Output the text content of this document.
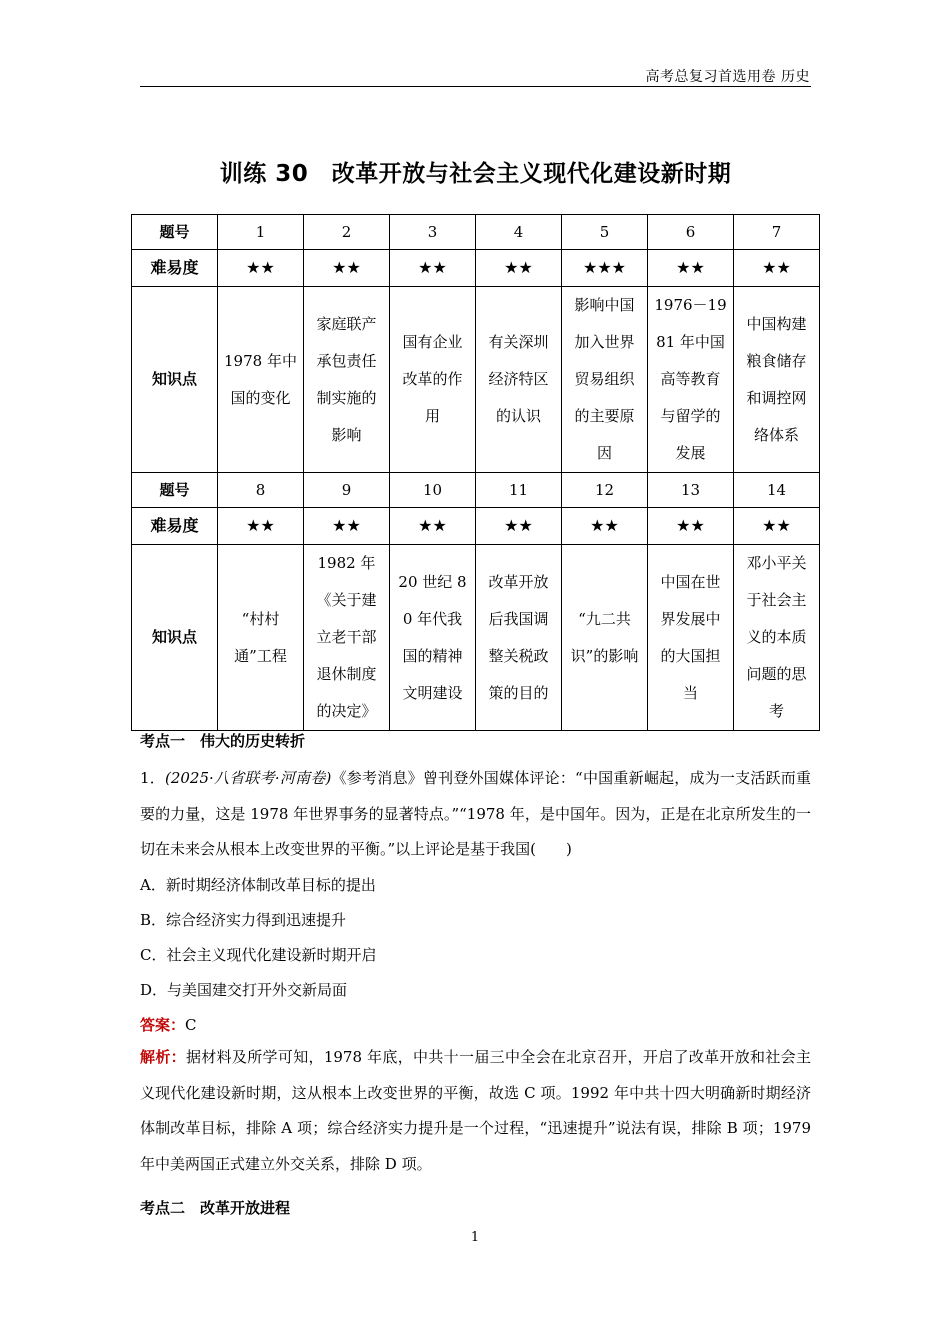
高考总复习首选用卷 历史
训练 30　改革开放与社会主义现代化建设新时期
题号	1	2	3	4	5	6	7
难易度	★★	★★	★★	★★	★★★	★★	★★
知识点	1978 年中国的变化	家庭联产承包责任制实施的影响	国有企业改革的作用	有关深圳经济特区的认识	影响中国加入世界贸易组织的主要原因	1976－1981 年中国高等教育与留学的发展	中国构建粮食储存和调控网络体系

题号	8	9	10	11	12	13	14
难易度	★★	★★	★★	★★	★★	★★	★★
知识点	“村村通”工程	1982 年《关于建立老干部退休制度的决定》	20 世纪 80 年代我国的精神文明建设	改革开放后我国调整关税政策的目的	“九二共识”的影响	中国在世界发展中的大国担当	邓小平关于社会主义的本质问题的思考
考点一　伟大的历史转折
1．(2025·八省联考·河南卷)《参考消息》曾刊登外国媒体评论：“中国重新崛起，成为一支活跃而重要的力量，这是 1978 年世界事务的显著特点。”“1978 年，是中国年。因为，正是在北京所发生的一切在未来会从根本上改变世界的平衡。”以上评论是基于我国(　　)
A．新时期经济体制改革目标的提出
B．综合经济实力得到迅速提升
C．社会主义现代化建设新时期开启
D．与美国建交打开外交新局面
答案：C
解析：据材料及所学可知，1978 年底，中共十一届三中全会在北京召开，开启了改革开放和社会主义现代化建设新时期，这从根本上改变世界的平衡，故选 C 项。1992 年中共十四大明确新时期经济体制改革目标，排除 A 项；综合经济实力提升是一个过程，“迅速提升”说法有误，排除 B 项；1979 年中美两国正式建立外交关系，排除 D 项。
考点二　改革开放进程
1
